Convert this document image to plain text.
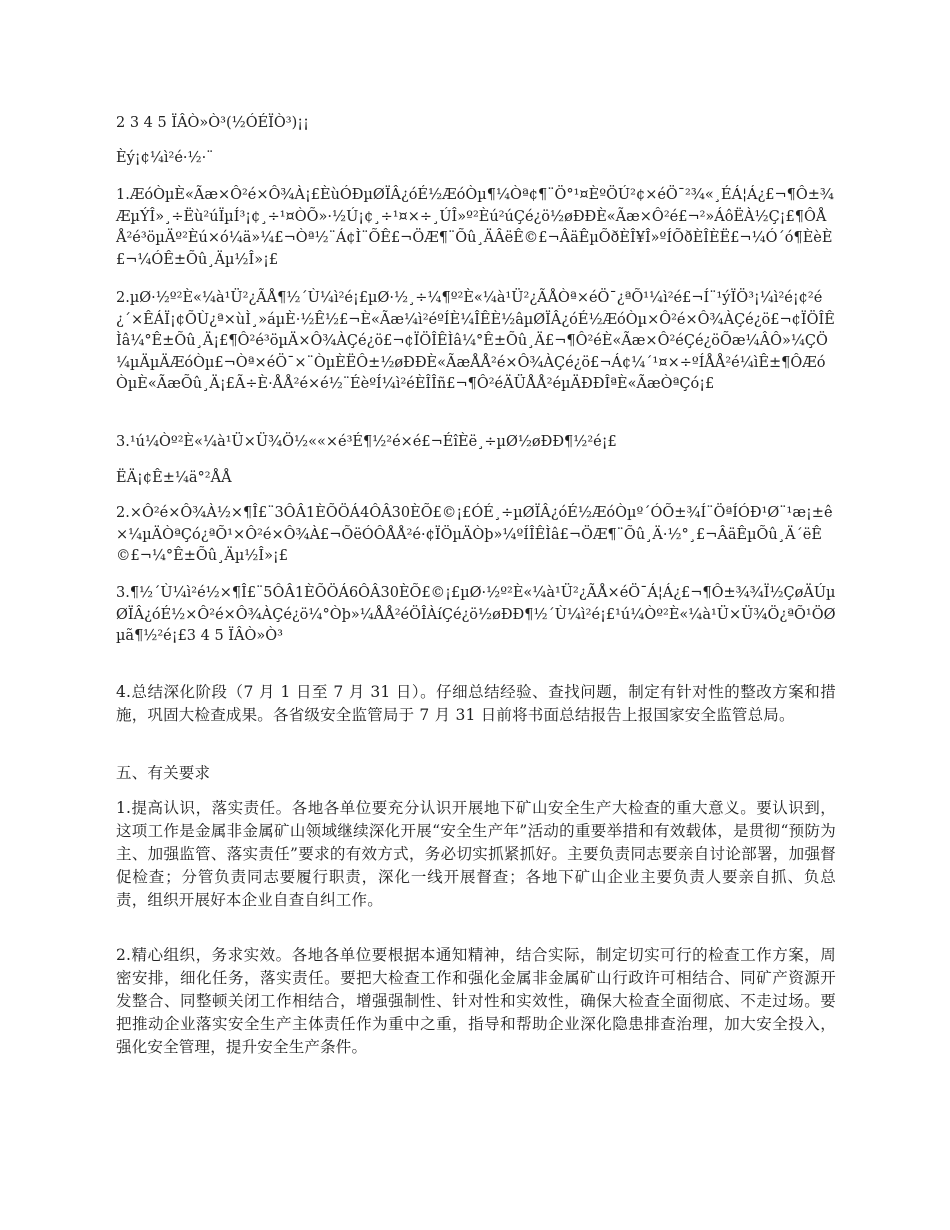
2 3 4 5 ÏÂÒ»Ò³(½ÓÉÏÒ³)¡¡

Èý¡¢¼ì²é·½·¨

1.ÆóÒµÈ«Ãæ×Ô²é×Ô¾À¡£ÈùÓÐµØÏÂ¿óÉ½ÆóÒµ¶¼Òª¢¶¨Ö°¹¤ÈºÖÚ²¢×éÖ¯²¾«¸ÉÁ¦Á¿£¬¶Ô±¾ÆµÝÎ»¸÷Ëù²úÏµÍ³¡¢¸÷¹¤ÒÕ»·½Ú¡¢¸÷¹¤×÷¸ÚÎ»º²Èú²úÇé¿ö½øÐÐÈ«Ãæ×Ô²é£¬²»ÁôËÀ½Ç¡£¶ÔÅÅ²é³öµÄº²Èú×ó¼ä»¼£¬Òª½¨Á¢Ì¨ÕÊ£¬ÖÆ¶¨Õû¸ÄÂëÊ©£¬ÂäÊµÕðÈÎ¥Î»ºÍÕðÈÎÈË£¬¼Ó´ó¶ÈèÈ£¬¼ÓÊ±Õû¸Äµ½Î»¡£

2.µØ·½º²È«¼à¹Ü²¿ÃÅ¶½´Ù¼ì²é¡£µØ·½¸÷¼¶º²È«¼à¹Ü²¿ÃÅÒª×éÖ¯¿ªÕ¹¼ì²é£¬Í¨¹ýÏÖ³¡¼ì²é¡¢²é¿´×ÊÁÏ¡¢ÕÙ¿ª×ùÌ¸»áµÈ·½Ê½£¬È«Ãæ¼ì²éºÍÈ¼ÎÊÈ½âµØÏÂ¿óÉ½ÆóÒµ×Ô²é×Ô¾ÀÇé¿ö£¬¢ÏÖÎÊÌâ¼°Ê±Õû¸Ä¡£¶Ô²é³öµÄ×Ô¾ÀÇé¿ö£¬¢ÏÖÎÊÌâ¼°Ê±Õû¸Ä£¬¶Ô²éÈ«Ãæ×Ô²éÇé¿öÕæ¼ÂÔ»¼ÇÖ¼µÄµÄÆóÒµ£¬Òª×éÖ¯×¨ÒµÈËÔ±½øÐÐÈ«ÃæÅÅ²é×Ô¾ÀÇé¿ö£¬Á¢¼´¹¤×÷ºÍÅÅ²é¼ìÊ±¶ÔÆóÒµÈ«ÃæÕû¸Ä¡£Ã÷È·ÅÅ²é×é½¨ÉèºÍ¼ì²éÈÎÎñ£¬¶Ô²éÄÜÅÅ²éµÄÐÐÎªÈ«ÃæÒªÇó¡£

3.¹ú¼Òº²È«¼à¹Ü×Ü¾Ö½««×é³É¶½²é×é£¬ÉîÈë¸÷µØ½øÐÐ¶½²é¡£

ËÄ¡¢Ê±¼ä°²ÅÅ

2.×Ô²é×Ô¾À½×¶Î£¨3ÔÂ1ÈÕÖÁ4ÔÂ30ÈÕ£©¡£ÓÉ¸÷µØÏÂ¿óÉ½ÆóÒµº´ÓÕ±¾Í¨ÖªÍÓÐ¹Ø¨¹æ¡±ê×¼µÄÒªÇó¿ªÕ¹×Ô²é×Ô¾À£¬ÕëÓÔÅÅ²é·¢ÏÖµÄÒþ»¼ºÍÎÊÌâ£¬ÖÆ¶¨Õû¸Ä·½°¸£¬ÂäÊµÕû¸Ä´ëÊ©£¬¼°Ê±Õû¸Äµ½Î»¡£

3.¶½´Ù¼ì²é½×¶Î£¨5ÔÂ1ÈÕÖÁ6ÔÂ30ÈÕ£©¡£µØ·½º²È«¼à¹Ü²¿ÃÅ×éÖ¯Á¦Á¿£¬¶Ô±¾¾Ï½ÇøÄÚµØÏÂ¿óÉ½×Ô²é×Ô¾ÀÇé¿ö¼°Òþ»¼ÅÅ²éÖÎÀíÇé¿ö½øÐÐ¶½´Ù¼ì²é¡£¹ú¼Òº²È«¼à¹Ü×Ü¾Ö¿ªÕ¹ÖØµã¶½²é¡£3 4 5 ÏÂÒ»Ò³

4.总结深化阶段（7 月 1 日至 7 月 31 日）。仔细总结经验、查找问题，制定有针对性的整改方案和措施，巩固大检查成果。各省级安全监管局于 7 月 31 日前将书面总结报告上报国家安全监管总局。

五、有关要求

1.提高认识，落实责任。各地各单位要充分认识开展地下矿山安全生产大检查的重大意义。要认识到，这项工作是金属非金属矿山领域继续深化开展“安全生产年”活动的重要举措和有效载体，是贯彻“预防为主、加强监管、落实责任”要求的有效方式，务必切实抓紧抓好。主要负责同志要亲自讨论部署，加强督促检查；分管负责同志要履行职责，深化一线开展督查；各地下矿山企业主要负责人要亲自抓、负总责，组织开展好本企业自查自纠工作。

2.精心组织，务求实效。各地各单位要根据本通知精神，结合实际，制定切实可行的检查工作方案，周密安排，细化任务，落实责任。要把大检查工作和强化金属非金属矿山行政许可相结合、同矿产资源开发整合、同整顿关闭工作相结合，增强强制性、针对性和实效性，确保大检查全面彻底、不走过场。要把推动企业落实安全生产主体责任作为重中之重，指导和帮助企业深化隐患排查治理，加大安全投入，强化安全管理，提升安全生产条件。
